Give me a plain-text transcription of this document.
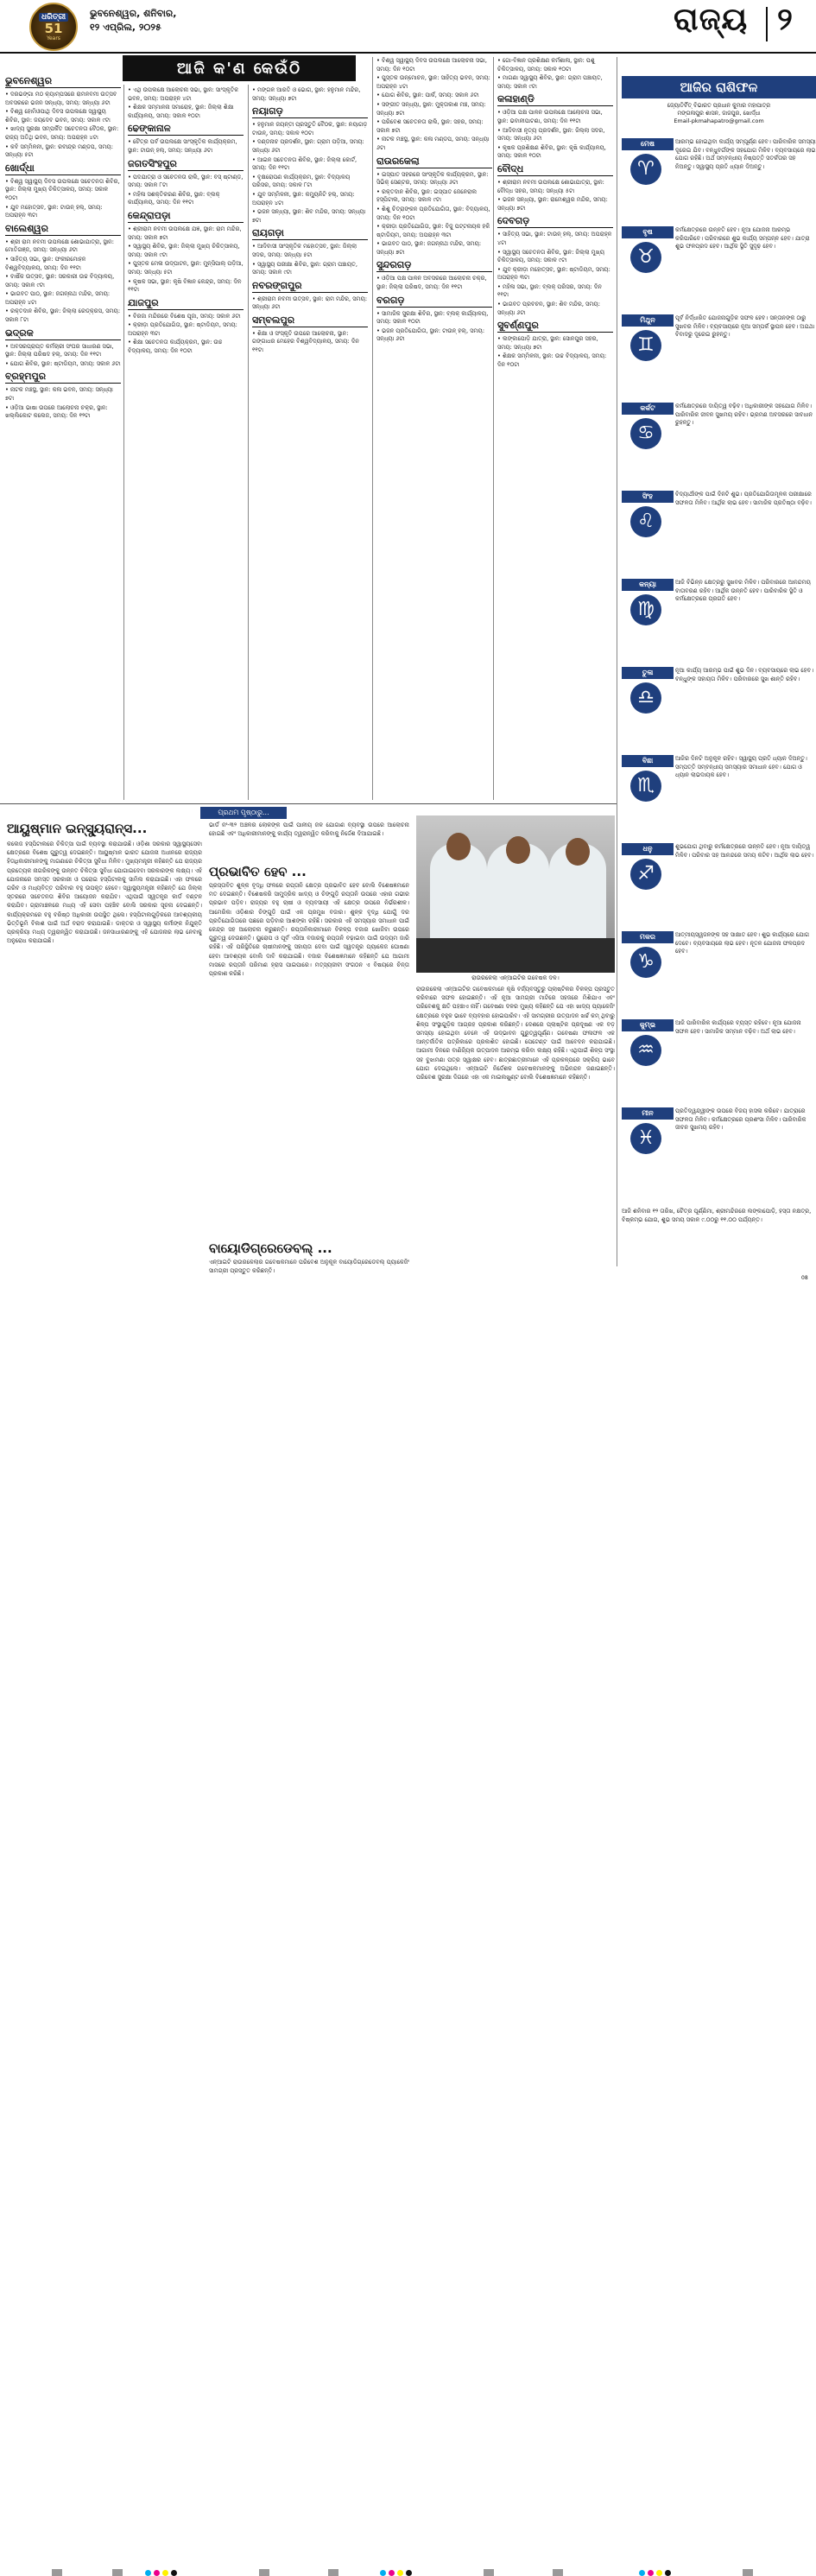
ଧରିତ୍ରୀ
51
Years
ଭୁବନେଶ୍ୱର, ଶନିବାର,
୧୨ ଏପ୍ରିଲ, ୨୦୨୫	ରାଜ୍ୟ ୨
ଆଜି କ'ଣ କେଉଁଠି
ଭୁବନେଶ୍ୱର

• ଦରଭଙ୍ଗା ମଠ କ୍ୟାମ୍ପସରେ ରାମନବମୀ ଉତ୍ସବ ଅବସରରେ ଭଜନ ସନ୍ଧ୍ୟା, ସମୟ: ସନ୍ଧ୍ୟା ୬ଟା

• ବିଶ୍ୱ ହୋମିଓପାଥି ଦିବସ ଉପଲକ୍ଷେ ସ୍ୱାସ୍ଥ୍ୟ ଶିବିର, ସ୍ଥାନ: ଜୟଦେବ ଭବନ, ସମୟ: ସକାଳ ୯ଟା

• ଖାଦ୍ୟ ସୁରକ୍ଷା ସମ୍ପର୍କିତ ସଚେତନତା ବୈଠକ, ସ୍ଥାନ: ରାଜ୍ୟ ଅତିଥି ଭବନ, ସମୟ: ଅପରାହ୍ନ ୪ଟା

• କବି ସମ୍ମିଳନୀ, ସ୍ଥାନ: ରବୀନ୍ଦ୍ର ମଣ୍ଡପ, ସମୟ: ସନ୍ଧ୍ୟା ୫ଟା

ଖୋର୍ଦ୍ଧା

• ବିଶ୍ୱ ସ୍ୱାସ୍ଥ୍ୟ ଦିବସ ଉପଲକ୍ଷେ ସଚେତନତା ଶିବିର, ସ୍ଥାନ: ଜିଲ୍ଲା ମୁଖ୍ୟ ଚିକିତ୍ସାଳୟ, ସମୟ: ସକାଳ ୧୦ଟା

• ଯୁବ ମହୋତ୍ସବ, ସ୍ଥାନ: ଟାଉନ୍ ହଲ୍, ସମୟ: ଅପରାହ୍ନ ୩ଟା

ବାଲେଶ୍ୱର

• ଶ୍ରୀ ରାମ ନବମୀ ଉପଲକ୍ଷେ ଶୋଭାଯାତ୍ରା, ସ୍ଥାନ: ମୋତିଗଞ୍ଜ, ସମୟ: ସନ୍ଧ୍ୟା ୬ଟା

• ସାହିତ୍ୟ ସଭା, ସ୍ଥାନ: ଫକୀରମୋହନ ବିଶ୍ୱବିଦ୍ୟାଳୟ, ସମୟ: ଦିନ ୧୧ଟା

• ବାର୍ଷିକ ଉତ୍ସବ, ସ୍ଥାନ: ସରକାରୀ ଉଚ୍ଚ ବିଦ୍ୟାଳୟ, ସମୟ: ସକାଳ ୯ଟା

• ଭାଗବତ ପାଠ, ସ୍ଥାନ: ଜଗନ୍ନାଥ ମନ୍ଦିର, ସମୟ: ଅପରାହ୍ନ ୪ଟା

• ରକ୍ତଦାନ ଶିବିର, ସ୍ଥାନ: ଜିଲ୍ଲା ରେଡ୍‌କ୍ରସ, ସମୟ: ସକାଳ ୮ଟା

ଭଦ୍ରକ

• ଅବସରପ୍ରାପ୍ତ କର୍ମଚାରୀ ସଂଘର ସାଧାରଣ ସଭା, ସ୍ଥାନ: ଜିଲ୍ଲା ପରିଷଦ ହଲ୍, ସମୟ: ଦିନ ୧୧ଟା

• ଯୋଗ ଶିବିର, ସ୍ଥାନ: ଷ୍ଟାଡିୟମ, ସମୟ: ସକାଳ ୬ଟା

ବ୍ରହ୍ମପୁର

• ନାଟକ ମଞ୍ଚସ୍ଥ, ସ୍ଥାନ: କଳା ଭବନ, ସମୟ: ସନ୍ଧ୍ୟା ୭ଟା

• ଓଡ଼ିଆ ଭାଷା ଉପରେ ଆଲୋଚନା ଚକ୍ର, ସ୍ଥାନ: ଖଲ୍ଲିକୋଟ କଲେଜ, ସମୟ: ଦିନ ୧୨ଟା

• ଏଥି ଉପଲକ୍ଷେ ଆଲୋଚନା ସଭା, ସ୍ଥାନ: ସାଂସ୍କୃତିକ ଭବନ, ସମୟ: ଅପରାହ୍ନ ୪ଟା

• ଶିକ୍ଷକ ସମ୍ମାନନା ସମାରୋହ, ସ୍ଥାନ: ଜିଲ୍ଲା ଶିକ୍ଷା କାର୍ଯ୍ୟାଳୟ, ସମୟ: ସକାଳ ୧୦ଟା

ଢେଙ୍କାନାଳ

• ଚୈତ୍ର ପର୍ବ ଉପଲକ୍ଷେ ସାଂସ୍କୃତିକ କାର୍ଯ୍ୟକ୍ରମ, ସ୍ଥାନ: ଟାଉନ୍ ହଲ୍, ସମୟ: ସନ୍ଧ୍ୟା ୬ଟା

ଜଗତସିଂହପୁର

• ପଦଯାତ୍ରା ଓ ସଚେତନତା ରାଲି, ସ୍ଥାନ: ବସ୍ ଷ୍ଟାଣ୍ଡ, ସମୟ: ସକାଳ ୮ଟା

• ମହିଳା ସଶକ୍ତିକରଣ ଶିବିର, ସ୍ଥାନ: ବ୍ଲକ୍ କାର୍ଯ୍ୟାଳୟ, ସମୟ: ଦିନ ୧୧ଟା

କେନ୍ଦ୍ରାପଡ଼ା

• ଶ୍ରୀରାମ ନବମୀ ଉପଲକ୍ଷେ ଯଜ୍ଞ, ସ୍ଥାନ: ରାମ ମନ୍ଦିର, ସମୟ: ସକାଳ ୭ଟା

• ସ୍ୱାସ୍ଥ୍ୟ ଶିବିର, ସ୍ଥାନ: ଜିଲ୍ଲା ମୁଖ୍ୟ ଚିକିତ୍ସାଳୟ, ସମୟ: ସକାଳ ୯ଟା

• ପୁସ୍ତକ ମେଳା ଉଦ୍‌ଘାଟନ, ସ୍ଥାନ: ମୁନ୍ସିପାଲ୍ ପଡ଼ିଆ, ସମୟ: ସନ୍ଧ୍ୟା ୫ଟା

• କୃଷକ ସଭା, ସ୍ଥାନ: କୃଷି ବିଜ୍ଞାନ କେନ୍ଦ୍ର, ସମୟ: ଦିନ ୧୧ଟା

ଯାଜପୁର

• ବିରଜା ମନ୍ଦିରରେ ବିଶେଷ ପୂଜା, ସମୟ: ସକାଳ ୬ଟା

• କ୍ରୀଡ଼ା ପ୍ରତିଯୋଗିତା, ସ୍ଥାନ: ଷ୍ଟାଡିୟମ, ସମୟ: ଅପରାହ୍ନ ୩ଟା

• ଶିକ୍ଷା ସଚେତନତା କାର୍ଯ୍ୟକ୍ରମ, ସ୍ଥାନ: ଉଚ୍ଚ ବିଦ୍ୟାଳୟ, ସମୟ: ଦିନ ୧୦ଟା

• ମଙ୍ଗଳ ଆରତି ଓ ଭୋଗ, ସ୍ଥାନ: ହନୁମାନ ମନ୍ଦିର, ସମୟ: ସନ୍ଧ୍ୟା ୭ଟା

ନୟାଗଡ଼

• ହନୁମାନ ଜୟନ୍ତୀ ପ୍ରସ୍ତୁତି ବୈଠକ, ସ୍ଥାନ: ନୟାଗଡ଼ ଟାଉନ୍, ସମୟ: ସକାଳ ୧୦ଟା

• ଦଣ୍ଡନାଚ ପ୍ରଦର୍ଶନ, ସ୍ଥାନ: ଗ୍ରାମ ପଡ଼ିଆ, ସମୟ: ସନ୍ଧ୍ୟା ୬ଟା

• ଆଇନ ସଚେତନତା ଶିବିର, ସ୍ଥାନ: ଜିଲ୍ଲା କୋର୍ଟ, ସମୟ: ଦିନ ୧୧ଟା

• ବୃକ୍ଷରୋପଣ କାର୍ଯ୍ୟକ୍ରମ, ସ୍ଥାନ: ବିଦ୍ୟାଳୟ ପରିସର, ସମୟ: ସକାଳ ୮ଟା

• ଯୁବ ସମ୍ମିଳନୀ, ସ୍ଥାନ: କମ୍ୟୁନିଟି ହଲ୍, ସମୟ: ଅପରାହ୍ନ ୪ଟା

• ଭଜନ ସନ୍ଧ୍ୟା, ସ୍ଥାନ: ଶିବ ମନ୍ଦିର, ସମୟ: ସନ୍ଧ୍ୟା ୭ଟା

ରାୟଗଡ଼ା

• ଆଦିବାସୀ ସାଂସ୍କୃତିକ ମହୋତ୍ସବ, ସ୍ଥାନ: ଜିଲ୍ଲା ସଦର, ସମୟ: ସନ୍ଧ୍ୟା ୫ଟା

• ସ୍ୱାସ୍ଥ୍ୟ ପରୀକ୍ଷା ଶିବିର, ସ୍ଥାନ: ଗ୍ରାମ ପଞ୍ଚାୟତ, ସମୟ: ସକାଳ ୯ଟା

ନବରଙ୍ଗପୁର

• ଶ୍ରୀରାମ ନବମୀ ଉତ୍ସବ, ସ୍ଥାନ: ରାମ ମନ୍ଦିର, ସମୟ: ସନ୍ଧ୍ୟା ୬ଟା

ସମ୍ବଲପୁର

• ଶିକ୍ଷା ଓ ସଂସ୍କୃତି ଉପରେ ଆଲୋଚନା, ସ୍ଥାନ: ଗଙ୍ଗାଧର ମେହେର ବିଶ୍ୱବିଦ୍ୟାଳୟ, ସମୟ: ଦିନ ୧୧ଟା

• ବିଶ୍ୱ ସ୍ୱାସ୍ଥ୍ୟ ଦିବସ ଉପଲକ୍ଷେ ଆଲୋଚନା ସଭା, ସମୟ: ଦିନ ୧୦ଟା

• ପୁସ୍ତକ ଉନ୍ମୋଚନ, ସ୍ଥାନ: ସାହିତ୍ୟ ଭବନ, ସମୟ: ଅପରାହ୍ନ ୪ଟା

• ଯୋଗ ଶିବିର, ସ୍ଥାନ: ପାର୍କ, ସମୟ: ସକାଳ ୬ଟା

• ସଙ୍ଗୀତ ସନ୍ଧ୍ୟା, ସ୍ଥାନ: ମୁକ୍ତାକାଶ ମଞ୍ଚ, ସମୟ: ସନ୍ଧ୍ୟା ୭ଟା

• ପରିବେଶ ସଚେତନତା ରାଲି, ସ୍ଥାନ: ସହର, ସମୟ: ସକାଳ ୭ଟା

• ନାଟକ ମଞ୍ଚସ୍ଥ, ସ୍ଥାନ: କଳା ମଣ୍ଡପ, ସମୟ: ସନ୍ଧ୍ୟା ୬ଟା

ରାଉରକେଲା

• ଇସ୍ପାତ ସହରରେ ସାଂସ୍କୃତିକ କାର୍ଯ୍ୟକ୍ରମ, ସ୍ଥାନ: ସିଭିକ୍ ସେଣ୍ଟର, ସମୟ: ସନ୍ଧ୍ୟା ୬ଟା

• ରକ୍ତଦାନ ଶିବିର, ସ୍ଥାନ: ଇସ୍ପାତ ଜେନେରାଲ ହସ୍ପିଟାଲ, ସମୟ: ସକାଳ ୯ଟା

• ଶିଶୁ ଚିତ୍ରାଙ୍କନ ପ୍ରତିଯୋଗିତା, ସ୍ଥାନ: ବିଦ୍ୟାଳୟ, ସମୟ: ଦିନ ୧୦ଟା

• କ୍ରୀଡ଼ା ପ୍ରତିଯୋଗିତା, ସ୍ଥାନ: ବିଜୁ ପଟ୍ଟନାୟକ ହକି ଷ୍ଟାଡିୟମ, ସମୟ: ଅପରାହ୍ନ ୩ଟା

• ଭାଗବତ ପାଠ, ସ୍ଥାନ: ଜଗନ୍ନାଥ ମନ୍ଦିର, ସମୟ: ସନ୍ଧ୍ୟା ୭ଟା

ସୁନ୍ଦରଗଡ଼

• ଓଡ଼ିଆ ପକ୍ଷ ପାଳନ ଅବସରରେ ଆଲୋଚନା ଚକ୍ର, ସ୍ଥାନ: ଜିଲ୍ଲା ପରିଷଦ, ସମୟ: ଦିନ ୧୧ଟା

ବରଗଡ଼

• ସାମାଜିକ ସୁରକ୍ଷା ଶିବିର, ସ୍ଥାନ: ବ୍ଲକ୍ କାର୍ଯ୍ୟାଳୟ, ସମୟ: ସକାଳ ୧୦ଟା

• ଭଜନ ପ୍ରତିଯୋଗିତା, ସ୍ଥାନ: ଟାଉନ୍ ହଲ୍, ସମୟ: ସନ୍ଧ୍ୟା ୬ଟା

• ଗୋ-ବିଜ୍ଞାନ ପ୍ରଶିକ୍ଷଣ କର୍ମଶାଳା, ସ୍ଥାନ: ପଶୁ ଚିକିତ୍ସାଳୟ, ସମୟ: ସକାଳ ୧୦ଟା

• ମାଗଣା ସ୍ୱାସ୍ଥ୍ୟ ଶିବିର, ସ୍ଥାନ: ଗ୍ରାମ ପଞ୍ଚାୟତ, ସମୟ: ସକାଳ ୯ଟା

କଳାହାଣ୍ଡି

• ଓଡ଼ିଆ ପକ୍ଷ ପାଳନ ଉପଲକ୍ଷେ ଆଲୋଚନା ସଭା, ସ୍ଥାନ: ଭବାନୀପାଟଣା, ସମୟ: ଦିନ ୧୧ଟା

• ଆଦିବାସୀ ନୃତ୍ୟ ପ୍ରଦର୍ଶନ, ସ୍ଥାନ: ଜିଲ୍ଲା ସଦର, ସମୟ: ସନ୍ଧ୍ୟା ୬ଟା

• କୃଷକ ପ୍ରଶିକ୍ଷଣ ଶିବିର, ସ୍ଥାନ: କୃଷି କାର୍ଯ୍ୟାଳୟ, ସମୟ: ସକାଳ ୧୦ଟା

ବୌଦ୍ଧ

• ଶ୍ରୀରାମ ନବମୀ ଉପଲକ୍ଷେ ଶୋଭାଯାତ୍ରା, ସ୍ଥାନ: ବୌଦ୍ଧ ସହର, ସମୟ: ସନ୍ଧ୍ୟା ୫ଟା

• ଭଜନ ସନ୍ଧ୍ୟା, ସ୍ଥାନ: ରାମେଶ୍ୱର ମନ୍ଦିର, ସମୟ: ସନ୍ଧ୍ୟା ୭ଟା

ଦେବଗଡ଼

• ସାହିତ୍ୟ ସଭା, ସ୍ଥାନ: ଟାଉନ୍ ହଲ୍, ସମୟ: ଅପରାହ୍ନ ୪ଟା

• ସ୍ୱାସ୍ଥ୍ୟ ସଚେତନତା ଶିବିର, ସ୍ଥାନ: ଜିଲ୍ଲା ମୁଖ୍ୟ ଚିକିତ୍ସାଳୟ, ସମୟ: ସକାଳ ୯ଟା

• ଯୁବ କ୍ରୀଡ଼ା ମହୋତ୍ସବ, ସ୍ଥାନ: ଷ୍ଟାଡିୟମ, ସମୟ: ଅପରାହ୍ନ ୩ଟା

• ମହିଳା ସଭା, ସ୍ଥାନ: ବ୍ଲକ୍ ପରିସର, ସମୟ: ଦିନ ୧୧ଟା

• ଭାଗବତ ପ୍ରବଚନ, ସ୍ଥାନ: ଶିବ ମନ୍ଦିର, ସମୟ: ସନ୍ଧ୍ୟା ୬ଟା

ସୁବର୍ଣ୍ଣପୁର

• ଲଙ୍କାପୋଡ଼ି ଯାତ୍ରା, ସ୍ଥାନ: ସୋନପୁର ସହର, ସମୟ: ସନ୍ଧ୍ୟା ୭ଟା

• ଶିକ୍ଷକ ସମ୍ମିଳନୀ, ସ୍ଥାନ: ଉଚ୍ଚ ବିଦ୍ୟାଳୟ, ସମୟ: ଦିନ ୧୦ଟା

ଆଜିର ରାଶିଫଳ
ଜ୍ୟୋତିର୍ବିତ୍ ବିଭାରତ ପ୍ରଧାନ କୁମାର ମହାପାତ୍ର
ମଙ୍ଗଳାପୁର ଶାସନ, ଜାଜପୁର, ଖୋର୍ଦ୍ଧା
Email-pkmahapatro@gmail.com
ମେଷ
♈
ଆରମ୍ଭ ହୋଇଥିବା କାର୍ଯ୍ୟ ସମ୍ପୂର୍ଣ୍ଣ ହେବ। ପାରିବାରିକ ସମସ୍ୟା ଦୂରେଇ ଯିବ। ବନ୍ଧୁବର୍ଗଙ୍କ ସହଯୋଗ ମିଳିବ। ବ୍ୟବସାୟରେ ଲାଭ ଯୋଗ ରହିଛି। ଅର୍ଥ ସମ୍ବନ୍ଧୀୟ ନିଷ୍ପତ୍ତି ସତର୍କତାର ସହ ନିଅନ୍ତୁ। ସ୍ୱାସ୍ଥ୍ୟ ପ୍ରତି ଧ୍ୟାନ ଦିଅନ୍ତୁ।
ବୃଷ
♉
କର୍ମକ୍ଷେତ୍ରରେ ଉନ୍ନତି ହେବ। ନୂଆ ଯୋଜନା ଆରମ୍ଭ କରିପାରିବେ। ପରିବାରରେ ଶୁଭ କାର୍ଯ୍ୟ ସମ୍ପନ୍ନ ହେବ। ଯାତ୍ରା ଶୁଭ ଫଳପ୍ରଦ ହେବ। ଆର୍ଥିକ ସ୍ଥିତି ସୁଦୃଢ଼ ହେବ।
ମିଥୁନ
♊
ପୂର୍ବ ନିର୍ଦ୍ଧାରିତ ଯୋଜନାଗୁଡ଼ିକ ସଫଳ ହେବ। ସନ୍ତାନଙ୍କ ଠାରୁ ସୁଖବର ମିଳିବ। ବ୍ୟବସାୟରେ ନୂଆ ସମ୍ପର୍କ ସ୍ଥାପନ ହେବ। ଅଯଥା ବିବାଦରୁ ଦୂରେଇ ରୁହନ୍ତୁ।
କର୍କଟ
♋
କର୍ମକ୍ଷେତ୍ରରେ ଦାୟିତ୍ୱ ବଢ଼ିବ। ଅଧିକାରୀଙ୍କ ସହଯୋଗ ମିଳିବ। ପାରିବାରିକ ଜୀବନ ସୁଖମୟ ରହିବ। ଭ୍ରମଣ ଅବସରରେ ସାବଧାନ ରୁହନ୍ତୁ।
ସିଂହ
♌
ବିଦ୍ୟାର୍ଥୀଙ୍କ ପାଇଁ ଦିନଟି ଶୁଭ। ପ୍ରତିଯୋଗିତାମୂଳକ ପରୀକ୍ଷାରେ ସଫଳତା ମିଳିବ। ଆର୍ଥିକ ଲାଭ ହେବ। ସାମାଜିକ ପ୍ରତିଷ୍ଠା ବଢ଼ିବ।
କନ୍ୟା
♍
ଆଜି ବିଭିନ୍ନ କ୍ଷେତ୍ରରୁ ସୁଖବର ମିଳିବ। ପରିବାରରେ ଆନନ୍ଦମୟ ବାତାବରଣ ରହିବ। ଆର୍ଥିକ ଉନ୍ନତି ହେବ। ପାରିବାରିକ ସ୍ଥିତି ଓ କର୍ମକ୍ଷେତ୍ରରେ ପ୍ରଗତି ହେବ।
ତୁଳା
♎
ନୂଆ କାର୍ଯ୍ୟ ଆରମ୍ଭ ପାଇଁ ଶୁଭ ଦିନ। ବ୍ୟବସାୟରେ ଲାଭ ହେବ। ବନ୍ଧୁଙ୍କ ସହାୟତା ମିଳିବ। ପରିବାରରେ ସୁଖ ଶାନ୍ତି ରହିବ।
ବିଛା
♏
ଆଜିର ଦିନଟି ଅନୁକୂଳ ରହିବ। ସ୍ୱାସ୍ଥ୍ୟ ପ୍ରତି ଧ୍ୟାନ ଦିଅନ୍ତୁ। ସମ୍ପତ୍ତି ସମ୍ବନ୍ଧୀୟ ସମସ୍ୟାର ସମାଧାନ ହେବ। ଯୋଗ ଓ ଧ୍ୟାନ ଲାଭଦାୟକ ହେବ।
ଧନୁ
♐
ଶୁଭଯୋଗ ଥିବାରୁ କର୍ମକ୍ଷେତ୍ରରେ ଉନ୍ନତି ହେବ। ନୂଆ ଦାୟିତ୍ୱ ମିଳିବ। ପରିବାର ସହ ଆନନ୍ଦରେ ସମୟ କଟିବ। ଆର୍ଥିକ ଲାଭ ହେବ।
ମକର
♑
ଆତ୍ମୀୟସ୍ୱଜନଙ୍କ ସହ ସାକ୍ଷାତ ହେବ। ଶୁଭ କାର୍ଯ୍ୟରେ ଯୋଗ ଦେବେ। ବ୍ୟବସାୟରେ ଲାଭ ହେବ। ନୂତନ ଯୋଜନା ଫଳପ୍ରଦ ହେବ।
କୁମ୍ଭ
♒
ଆଜି ପାରିବାରିକ କାର୍ଯ୍ୟରେ ବ୍ୟସ୍ତ ରହିବେ। ନୂଆ ଯୋଜନା ସଫଳ ହେବ। ସାମାଜିକ ସମ୍ମାନ ବଢ଼ିବ। ଅର୍ଥ ଲାଭ ହେବ।
ମୀନ
♓
ପ୍ରତିଦ୍ୱନ୍ଦ୍ୱୀଙ୍କ ଉପରେ ବିଜୟ ହାସଲ କରିବେ। ଯାତ୍ରାରେ ସଫଳତା ମିଳିବ। କର୍ମକ୍ଷେତ୍ରରେ ପ୍ରଶଂସା ମିଳିବ। ପାରିବାରିକ ଜୀବନ ସୁଖମୟ ରହିବ।
ଆଜି ଶନିବାର ୧୨ ତାରିଖ, ଚୈତ୍ର ପୂର୍ଣ୍ଣିମା, ଶ୍ରୀମନ୍ଦିରରେ ଲଙ୍କାପୋଡ଼ି, ହସ୍ତା ନକ୍ଷତ୍ର, ବିଷ୍କମ୍ଭ ଯୋଗ, ଶୁଭ ସମୟ ସକାଳ ୯.୦୦ରୁ ୧୧.୦୦ ପର୍ଯ୍ୟନ୍ତ।
ପ୍ରଥମ ପୃଷ୍ଠାରୁ...
ଆୟୁଷ୍ମାନ ଇନ୍ସ୍ୟୁରାନ୍ସ...
କଲେଜ ହସ୍ପିଟାଲରେ ଚିକିତ୍ସା ପାଇଁ ବ୍ୟବସ୍ଥା କରାଯାଉଛି। ଓଡ଼ିଶା ସରକାର ସ୍ୱାସ୍ଥ୍ୟସେବା କ୍ଷେତ୍ରରେ ବିଶେଷ ଗୁରୁତ୍ୱ ଦେଇଛନ୍ତି। ଆୟୁଷ୍ମାନ ଭାରତ ଯୋଜନା ଅଧୀନରେ ରାଜ୍ୟର ହିତାଧିକାରୀମାନଙ୍କୁ ମାଗଣାରେ ଚିକିତ୍ସା ସୁବିଧା ମିଳିବ। ମୁଖ୍ୟମନ୍ତ୍ରୀ କହିଛନ୍ତି ଯେ ରାଜ୍ୟର ପ୍ରତ୍ୟେକ ନାଗରିକଙ୍କୁ ଉନ୍ନତ ଚିକିତ୍ସା ସୁବିଧା ଯୋଗାଇଦେବା ସରକାରଙ୍କ ଲକ୍ଷ୍ୟ। ଏହି ଯୋଜନାରେ ସମସ୍ତ ସରକାରୀ ଓ ଘରୋଇ ହସ୍ପିଟାଲକୁ ସାମିଲ କରାଯାଇଛି। ଏହା ଫଳରେ ଗରିବ ଓ ମଧ୍ୟବିତ୍ତ ପରିବାର ବହୁ ଉପକୃତ ହେବେ। ସ୍ୱାସ୍ଥ୍ୟମନ୍ତ୍ରୀ କହିଛନ୍ତି ଯେ ଜିଲ୍ଲା ସ୍ତରରେ ସଚେତନତା ଶିବିର ଆୟୋଜନ କରାଯିବ। ଏଥିପାଇଁ ସ୍ୱତନ୍ତ୍ର କାର୍ଡ ବଣ୍ଟନ କରାଯିବ। ଗ୍ରାମାଞ୍ଚଳରେ ମଧ୍ୟ ଏହି ସେବା ପହଞ୍ଚିବ ବୋଲି ସରକାର ସୂଚନା ଦେଇଛନ୍ତି। କାର୍ଯ୍ୟକ୍ରମରେ ବହୁ ବରିଷ୍ଠ ଅଧିକାରୀ ଉପସ୍ଥିତ ଥିଲେ। ହସ୍ପିଟାଲଗୁଡ଼ିକରେ ଆବଶ୍ୟକୀୟ ଭିତ୍ତିଭୂମି ବିକାଶ ପାଇଁ ଅର୍ଥ ବରାଦ କରାଯାଇଛି। ଡାକ୍ତର ଓ ସ୍ୱାସ୍ଥ୍ୟ କର୍ମୀଙ୍କ ନିଯୁକ୍ତି ପ୍ରକ୍ରିୟା ମଧ୍ୟ ତ୍ୱରାନ୍ୱିତ କରାଯାଉଛି। ଜନସାଧାରଣଙ୍କୁ ଏହି ଯୋଜନାର ଲାଭ ନେବାକୁ ଅନୁରୋଧ କରାଯାଇଛି।
ଭାର୍ଡ ନଂ-୩୨ ଅଞ୍ଚଳର ଲୋକଙ୍କ ପାଇଁ ପାନୀୟ ଜଳ ଯୋଗାଣ ବ୍ୟବସ୍ଥା ଉପରେ ଆଲୋଚନା ହୋଇଛି ଏବଂ ଅଧିକାରୀମାନଙ୍କୁ କାର୍ଯ୍ୟ ତ୍ୱରାନ୍ୱିତ କରିବାକୁ ନିର୍ଦ୍ଦେଶ ଦିଆଯାଇଛି।
ପ୍ରଭାବିତ ହେବ ...
ପ୍ରସ୍ତାବିତ ଶୁଳ୍କ ବୃଦ୍ଧି ଫଳରେ ରପ୍ତାନି କ୍ଷେତ୍ର ପ୍ରଭାବିତ ହେବ ବୋଲି ବିଶେଷଜ୍ଞମାନେ ମତ ଦେଇଛନ୍ତି। ବିଶେଷକରି ସାମୁଦ୍ରିକ ଖାଦ୍ୟ ଓ ଚିଙ୍ଗୁଡ଼ି ରପ୍ତାନି ଉପରେ ଏହାର ଗଭୀର ପ୍ରଭାବ ପଡ଼ିବ। ରାଜ୍ୟର ବହୁ ଚାଷୀ ଓ ବ୍ୟବସାୟୀ ଏହି କ୍ଷେତ୍ର ଉପରେ ନିର୍ଭରଶୀଳ। ଆମେରିକା ଓଡ଼ିଶାର ଚିଙ୍ଗୁଡ଼ି ପାଇଁ ଏକ ପ୍ରମୁଖ ବଜାର। ଶୁଳ୍କ ବୃଦ୍ଧି ଯୋଗୁଁ ଦର ପ୍ରତିଯୋଗିତାରେ ପଛରେ ପଡ଼ିବାର ଆଶଙ୍କା ରହିଛି। ସରକାର ଏହି ସମସ୍ୟାର ସମାଧାନ ପାଇଁ କେନ୍ଦ୍ର ସହ ଆଲୋଚନା କରୁଛନ୍ତି। ରପ୍ତାନିକାରୀମାନେ ବିକଳ୍ପ ବଜାର ଖୋଜିବା ଉପରେ ଗୁରୁତ୍ୱ ଦେଉଛନ୍ତି। ୟୁରୋପ ଓ ପୂର୍ବ ଏସିଆ ବଜାରକୁ ରପ୍ତାନି ବଢ଼ାଇବା ପାଇଁ ଉଦ୍ୟମ ଜାରି ରହିଛି। ଏହି ପରିସ୍ଥିତିରେ ଚାଷୀମାନଙ୍କୁ ସହାୟତା ଦେବା ପାଇଁ ସ୍ୱତନ୍ତ୍ର ପ୍ୟାକେଜ ଘୋଷଣା ହେବା ଆବଶ୍ୟକ ବୋଲି ଦାବି କରାଯାଇଛି। ବଜାର ବିଶେଷଜ୍ଞମାନେ କହିଛନ୍ତି ଯେ ଆଗାମୀ ମାସରେ ରପ୍ତାନି ପରିମାଣ ହ୍ରାସ ପାଇପାରେ। ମତ୍ସ୍ୟଜୀବୀ ସଂଗଠନ ଏ ବିଷୟରେ ଚିନ୍ତା ପ୍ରକାଶ କରିଛି।
ବାୟୋଡିଗ୍ରେଡେବଲ୍ ...
ଏନ୍‌ଆଇଟି ରାଉରକେଲାର ଗବେଷକମାନେ ପରିବେଶ ଅନୁକୂଳ ବାୟୋଡିଗ୍ରେଡେବଲ୍ ପ୍ୟାକେଜିଂ ସାମଗ୍ରୀ ପ୍ରସ୍ତୁତ କରିଛନ୍ତି।
ରାଉରକେଲା ଏନ୍‌ଆଇଟିର ଗବେଷକ ଦଳ।
ରାଉରକେଲା ଏନ୍‌ଆଇଟିର ଗବେଷକମାନେ କୃଷି ବର୍ଜ୍ୟବସ୍ତୁରୁ ପ୍ଲାଷ୍ଟିକର ବିକଳ୍ପ ପ୍ରସ୍ତୁତ କରିବାରେ ସଫଳ ହୋଇଛନ୍ତି। ଏହି ନୂଆ ସାମଗ୍ରୀ ମାଟିରେ ସହଜରେ ମିଶିଯାଏ ଏବଂ ପରିବେଶକୁ କ୍ଷତି ପହଞ୍ଚାଏ ନାହିଁ। ଗବେଷଣା ଦଳର ମୁଖ୍ୟ କହିଛନ୍ତି ଯେ ଏହା ଖାଦ୍ୟ ପ୍ୟାକେଜିଂ କ୍ଷେତ୍ରରେ ବହୁଳ ଭାବେ ବ୍ୟବହାର ହୋଇପାରିବ। ଏହି ସାମଗ୍ରୀର ଉତ୍ପାଦନ ଖର୍ଚ୍ଚ କମ୍ ଥିବାରୁ ଶିଳ୍ପ ସଂସ୍ଥାଗୁଡ଼ିକ ଆଗ୍ରହ ପ୍ରକାଶ କରିଛନ୍ତି। ଦେଶରେ ପ୍ଲାଷ୍ଟିକ ପ୍ରଦୂଷଣ ଏକ ବଡ଼ ସମସ୍ୟା ହୋଇଥିବା ବେଳେ ଏହି ଉଦ୍ଭାବନ ଗୁରୁତ୍ୱପୂର୍ଣ୍ଣ। ଗବେଷଣା ଫଳାଫଳ ଏକ ଆନ୍ତର୍ଜାତିକ ପତ୍ରିକାରେ ପ୍ରକାଶିତ ହୋଇଛି। ପେଟେଣ୍ଟ ପାଇଁ ଆବେଦନ କରାଯାଇଛି। ଆଗାମୀ ଦିନରେ ବାଣିଜ୍ୟିକ ଉତ୍ପାଦନ ଆରମ୍ଭ କରିବା ଲକ୍ଷ୍ୟ ରହିଛି। ଏଥିପାଇଁ ଶିଳ୍ପ ସଂସ୍ଥା ସହ ବୁଝାମଣା ପତ୍ର ସ୍ୱାକ୍ଷର ହେବ। ଛାତ୍ରଛାତ୍ରୀମାନେ ଏହି ପ୍ରକଳ୍ପରେ ସକ୍ରିୟ ଭାବେ ଯୋଗ ଦେଇଥିଲେ। ଏନ୍‌ଆଇଟି ନିର୍ଦ୍ଦେଶକ ଗବେଷକମାନଙ୍କୁ ଅଭିନନ୍ଦନ ଜଣାଇଛନ୍ତି। ପରିବେଶ ସୁରକ୍ଷା ଦିଗରେ ଏହା ଏକ ମାଇଲଖୁଣ୍ଟ ବୋଲି ବିଶେଷଜ୍ଞମାନେ କହିଛନ୍ତି।
08
